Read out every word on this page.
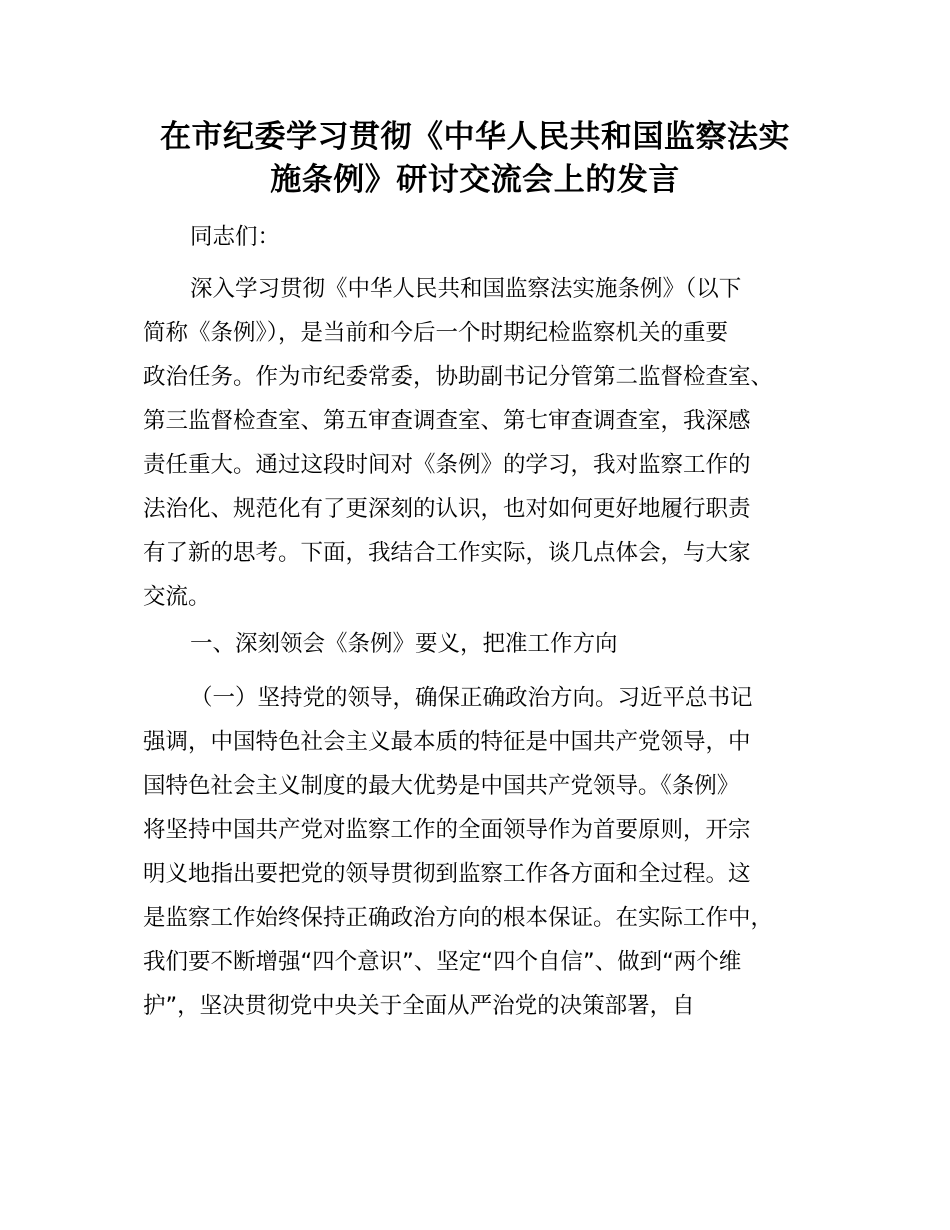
在市纪委学习贯彻《中华人民共和国监察法实
施条例》研讨交流会上的发言
同志们：
深入学习贯彻《中华人民共和国监察法实施条例》（以下
简称《条例》），是当前和今后一个时期纪检监察机关的重要
政治任务。作为市纪委常委，协助副书记分管第二监督检查室、
第三监督检查室、第五审查调查室、第七审查调查室，我深感
责任重大。通过这段时间对《条例》的学习，我对监察工作的
法治化、规范化有了更深刻的认识，也对如何更好地履行职责
有了新的思考。下面，我结合工作实际，谈几点体会，与大家
交流。
一、深刻领会《条例》要义，把准工作方向
（一）坚持党的领导，确保正确政治方向。习近平总书记
强调，中国特色社会主义最本质的特征是中国共产党领导，中
国特色社会主义制度的最大优势是中国共产党领导。《条例》
将坚持中国共产党对监察工作的全面领导作为首要原则，开宗
明义地指出要把党的领导贯彻到监察工作各方面和全过程。这
是监察工作始终保持正确政治方向的根本保证。在实际工作中，
我们要不断增强“四个意识”、坚定“四个自信”、做到“两个维
护”，坚决贯彻党中央关于全面从严治党的决策部署，自
